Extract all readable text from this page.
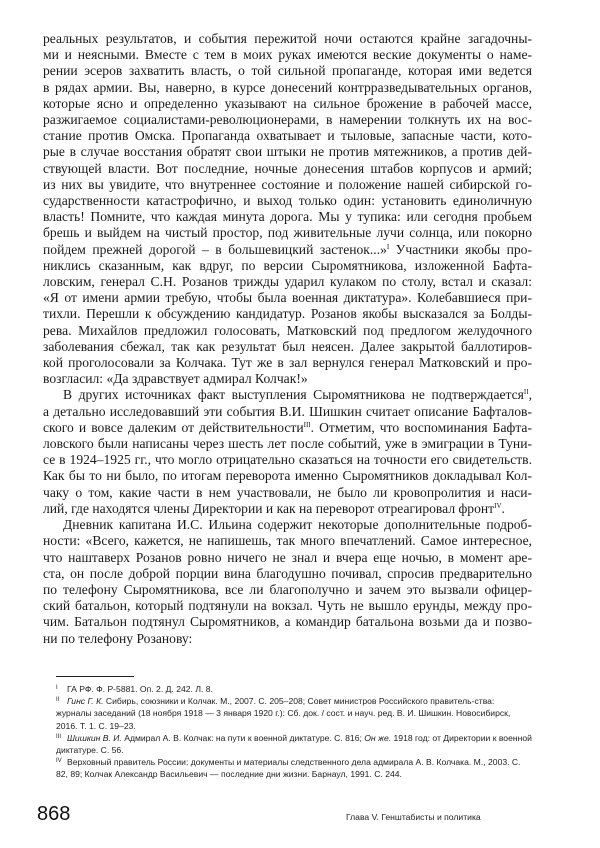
реальных результатов, и события пережитой ночи остаются крайне загадочны-
ми и неясными. Вместе с тем в моих руках имеются веские документы о наме-
рении эсеров захватить власть, о той сильной пропаганде, которая ими ведется
в рядах армии. Вы, наверно, в курсе донесений контрразведывательных органов,
которые ясно и определенно указывают на сильное брожение в рабочей массе,
разжигаемое социалистами-революционерами, в намерении толкнуть их на вос-
стание против Омска. Пропаганда охватывает и тыловые, запасные части, кото-
рые в случае восстания обратят свои штыки не против мятежников, а против дей-
ствующей власти. Вот последние, ночные донесения штабов корпусов и армий;
из них вы увидите, что внутреннее состояние и положение нашей сибирской го-
сударственности катастрофично, и выход только один: установить единоличную
власть! Помните, что каждая минута дорога. Мы у тупика: или сегодня пробьем
брешь и выйдем на чистый простор, под живительные лучи солнца, или покорно
пойдем прежней дорогой – в большевицкий застенок...»$^I$ Участники якобы про-
никлись сказанным, как вдруг, по версии Сыромятникова, изложенной Бафта-
ловским, генерал С.Н. Розанов трижды ударил кулаком по столу, встал и сказал:
«Я от имени армии требую, чтобы была военная диктатура». Колебавшиеся при-
тихли. Перешли к обсуждению кандидатур. Розанов якобы высказался за Болды-
рева. Михайлов предложил голосовать, Матковский под предлогом желудочного
заболевания сбежал, так как результат был неясен. Далее закрытой баллотиров-
кой проголосовали за Колчака. Тут же в зал вернулся генерал Матковский и про-
возгласил: «Да здравствует адмирал Колчак!»
В других источниках факт выступления Сыромятникова не подтверждается$^{II}$,
а детально исследовавший эти события В.И. Шишкин считает описание Бафталов-
ского и вовсе далеким от действительности$^{III}$. Отметим, что воспоминания Бафта-
ловского были написаны через шесть лет после событий, уже в эмиграции в Туни-
се в 1924–1925 гг., что могло отрицательно сказаться на точности его свидетельств.
Как бы то ни было, по итогам переворота именно Сыромятников докладывал Кол-
чаку о том, какие части в нем участвовали, не было ли кровопролития и наси-
лий, где находятся члены Директории и как на переворот отреагировал фронт$^{IV}$.
Дневник капитана И.С. Ильина содержит некоторые дополнительные подроб-
ности: «Всего, кажется, не напишешь, так много впечатлений. Самое интересное,
что наштаверх Розанов ровно ничего не знал и вчера еще ночью, в момент аре-
ста, он после доброй порции вина благодушно почивал, спросив предварительно
по телефону Сыромятникова, все ли благополучно и зачем это вызвали офицер-
ский батальон, который подтянули на вокзал. Чуть не вышло ерунды, между про-
чим. Батальон подтянул Сыромятников, а командир батальона возьми да и позво-
ни по телефону Розанову:
I ГА РФ. Ф. Р-5881. Оп. 2. Д. 242. Л. 8.
II Гинс Г. К. Сибирь, союзники и Колчак. М., 2007. С. 205–208; Совет министров Российского правитель-ства: журналы заседаний (18 ноября 1918 — 3 января 1920 г.): Сб. док. / сост. и науч. ред. В. И. Шишкин. Новосибирск, 2016. Т. 1. С. 19–23.
III Шишкин В. И. Адмирал А. В. Колчак: на пути к военной диктатуре. С. 816; Он же. 1918 год: от Директории к военной диктатуре. С. 56.
IV Верховный правитель России: документы и материалы следственного дела адмирала А. В. Колчака. М., 2003. С. 82, 89; Колчак Александр Васильевич — последние дни жизни. Барнаул, 1991. С. 244.
868	Глава V. Генштабисты и политика
